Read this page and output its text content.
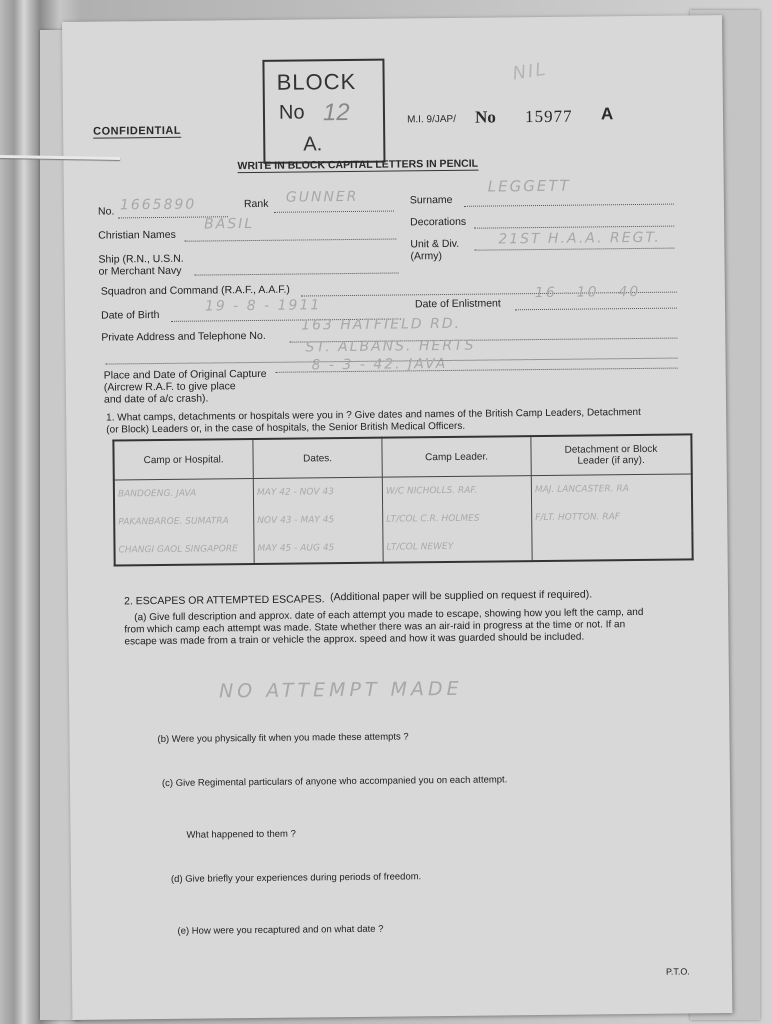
CONFIDENTIAL
BLOCK
No 12
A.
NIL
M.I. 9/JAP/ No 15977 A
WRITE IN BLOCK CAPITAL LETTERS IN PENCIL
No. 1665890	Rank GUNNER	Surname
LEGGETT
Christian Names
BASIL	Decorations
Ship (R.N., U.S.N.
or Merchant Navy
Unit & Div.
(Army)
21ST H.A.A. REGT.
Squadron and Command (R.A.F., A.A.F.)
Date of Birth
19 - 8 - 1911	Date of Enlistment
16 - 10 - 40
Private Address and Telephone No.
163 HATFIELD RD.
ST. ALBANS. HERTS
8 - 3 - 42. JAVA
Place and Date of Original Capture
(Aircrew R.A.F. to give place
and date of a/c crash).
1. What camps, detachments or hospitals were you in ? Give dates and names of the British Camp Leaders, Detachment
(or Block) Leaders or, in the case of hospitals, the Senior British Medical Officers.
Camp or Hospital.	Dates.	Camp Leader.	Detachment or Block
Leader (if any).

BANDOENG. JAVA	MAY 42 - NOV 43	W/C NICHOLLS. RAF.	MAJ. LANCASTER. RA
PAKANBAROE. SUMATRA	NOV 43 - MAY 45	LT/COL C.R. HOLMES	F/LT. HOTTON. RAF
CHANGI GAOL SINGAPORE	MAY 45 - AUG 45	LT/COL NEWEY	
2. ESCAPES OR ATTEMPTED ESCAPES. (Additional paper will be supplied on request if required).
(a) Give full description and approx. date of each attempt you made to escape, showing how you left the camp, and
from which camp each attempt was made. State whether there was an air-raid in progress at the time or not. If an
escape was made from a train or vehicle the approx. speed and how it was guarded should be included.
NO ATTEMPT MADE
(b) Were you physically fit when you made these attempts ?
(c) Give Regimental particulars of anyone who accompanied you on each attempt.
What happened to them ?
(d) Give briefly your experiences during periods of freedom.
(e) How were you recaptured and on what date ?
P.T.O.
